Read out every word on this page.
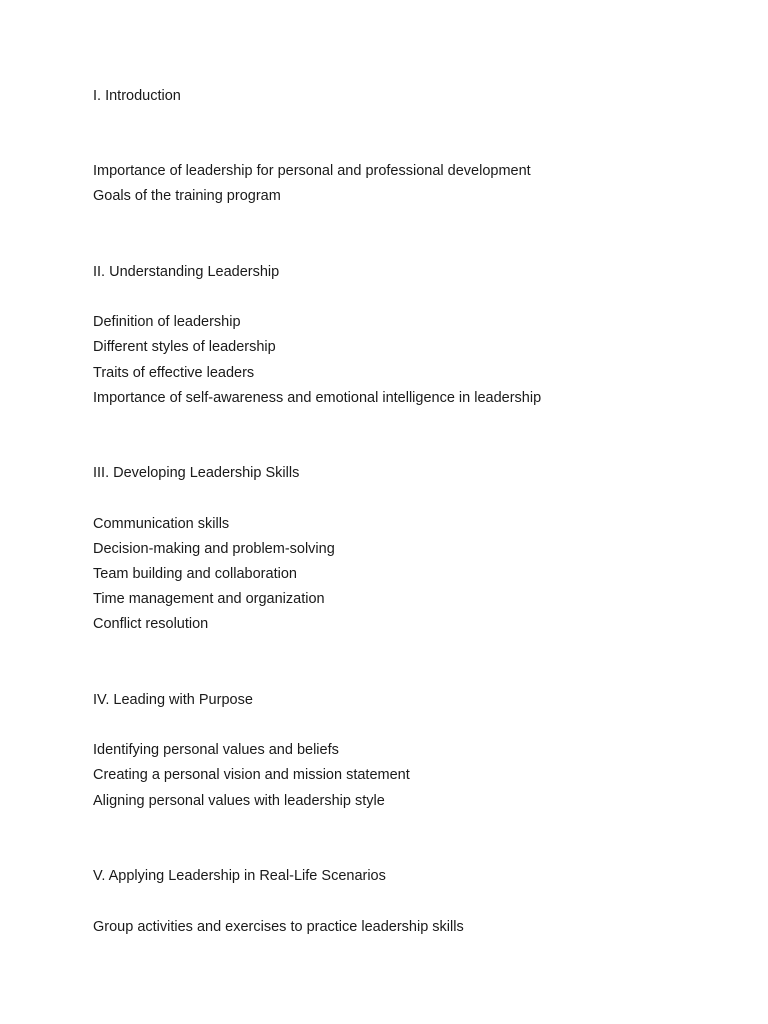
I. Introduction
Importance of leadership for personal and professional development
Goals of the training program
II. Understanding Leadership
Definition of leadership
Different styles of leadership
Traits of effective leaders
Importance of self-awareness and emotional intelligence in leadership
III. Developing Leadership Skills
Communication skills
Decision-making and problem-solving
Team building and collaboration
Time management and organization
Conflict resolution
IV. Leading with Purpose
Identifying personal values and beliefs
Creating a personal vision and mission statement
Aligning personal values with leadership style
V. Applying Leadership in Real-Life Scenarios
Group activities and exercises to practice leadership skills
